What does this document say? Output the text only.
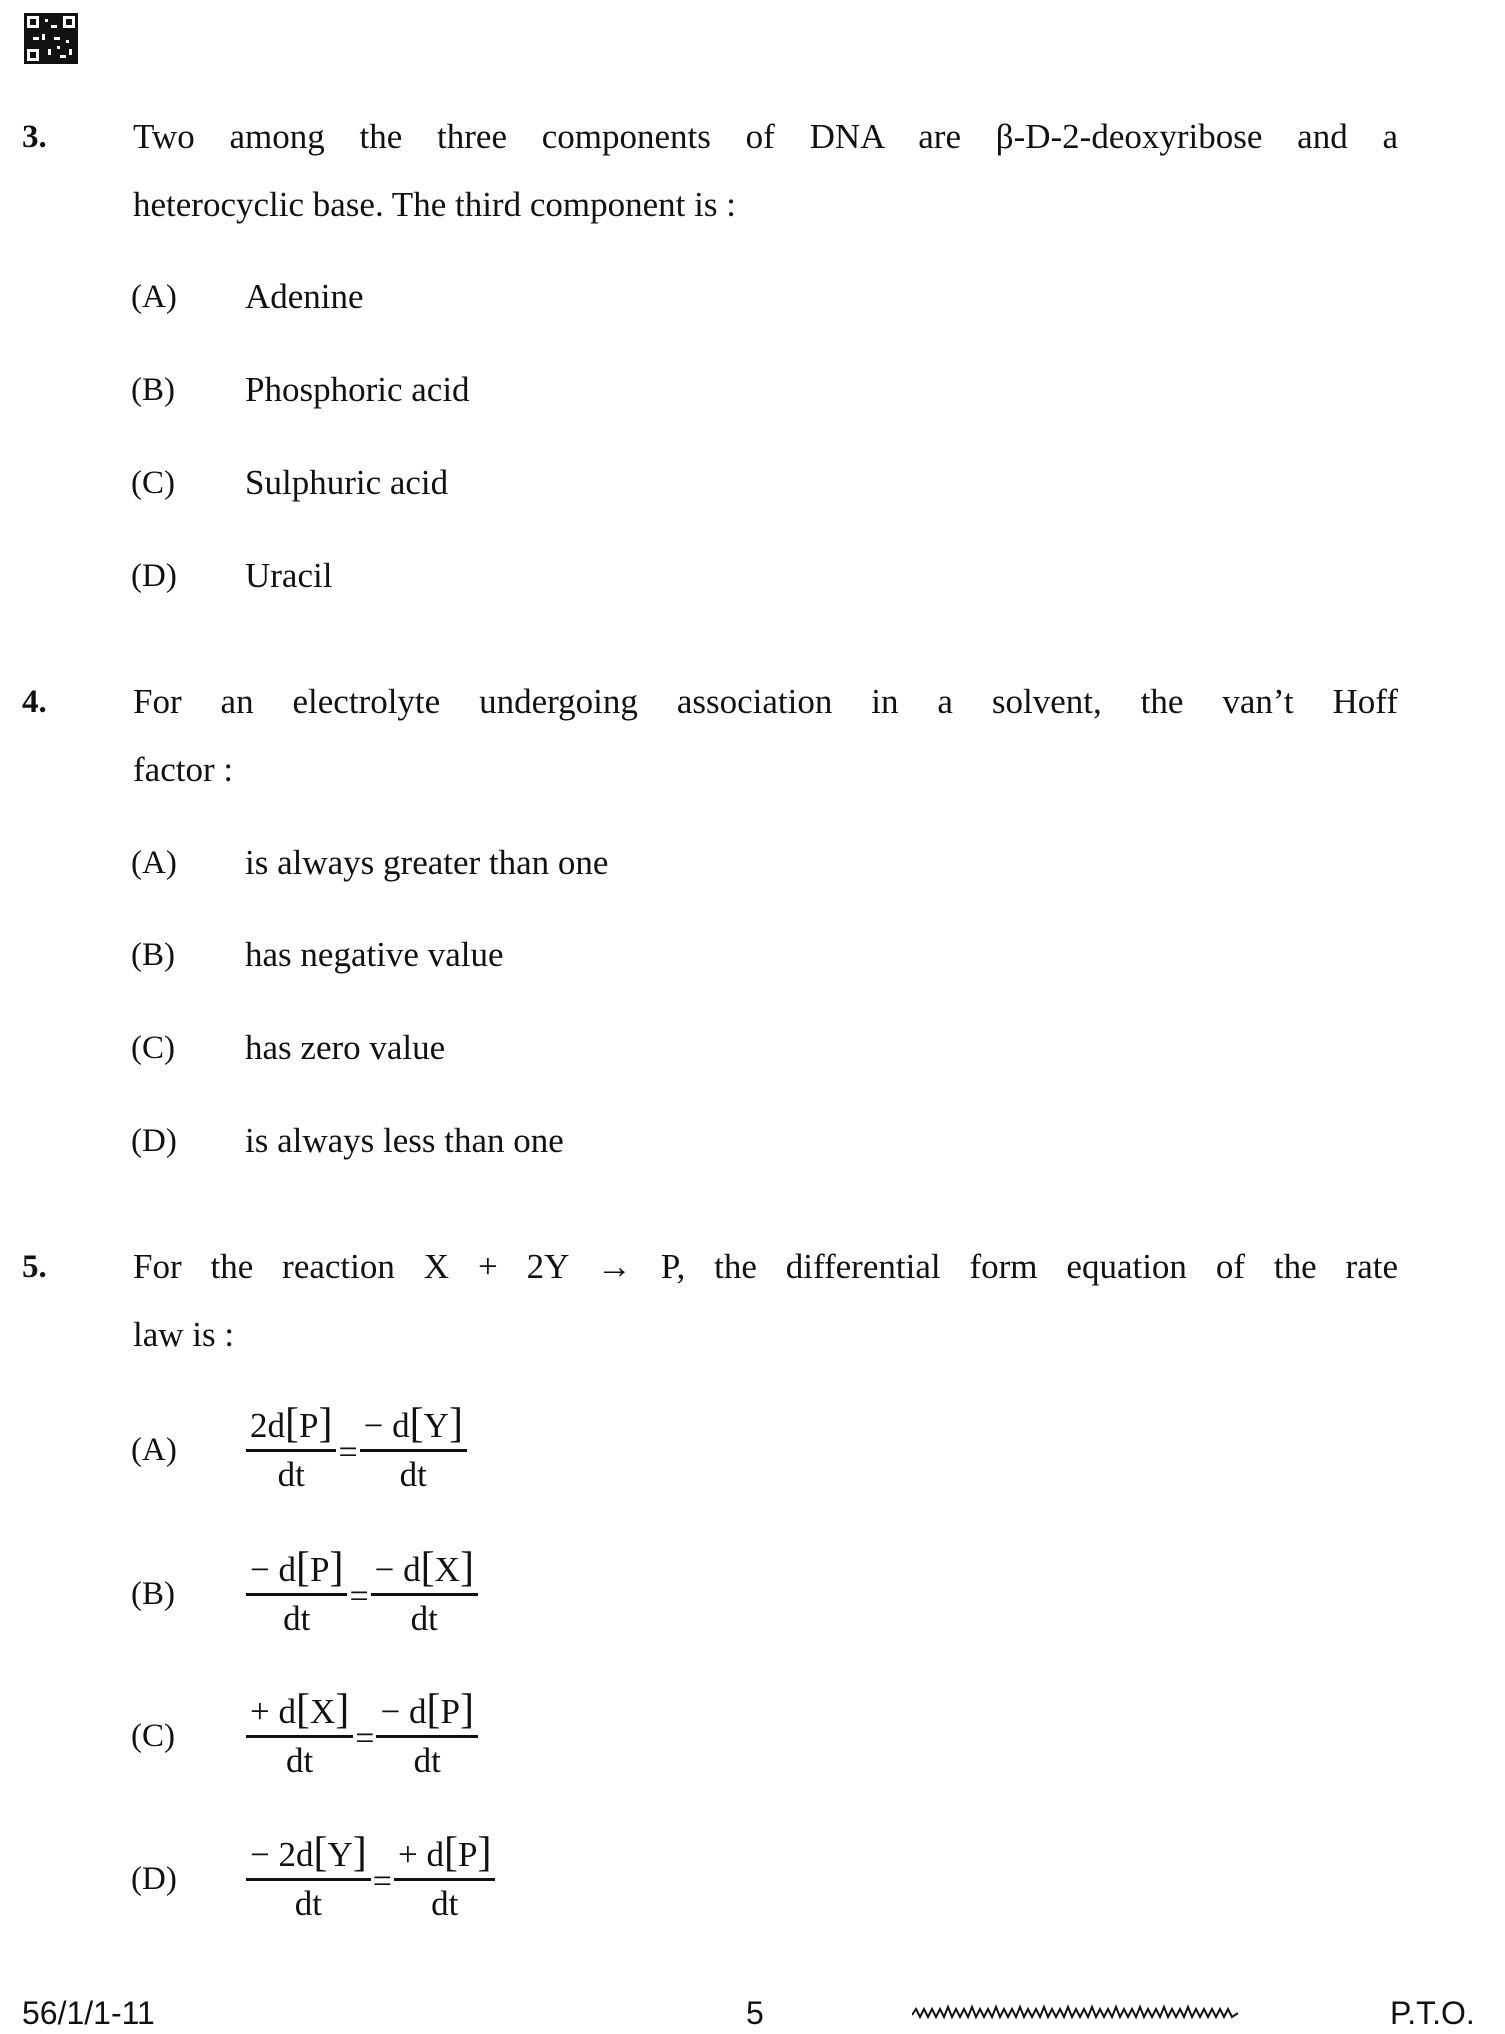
3. Two among the three components of DNA are β-D-2-deoxyribose and a
heterocyclic base. The third component is :
(A) Adenine
(B) Phosphoric acid
(C) Sulphuric acid
(D) Uracil
4. For an electrolyte undergoing association in a solvent, the van’t Hoff
factor :
(A) is always greater than one
(B) has negative value
(C) has zero value
(D) is always less than one
5. For the reaction X + 2Y → P, the differential form equation of the rate
law is :
$(A) \frac{2d[P]}{dt} = \frac{- d[Y]}{dt}$
$(B) \frac{- d[P]}{dt} = \frac{- d[X]}{dt}$
$(C) \frac{+ d[X]}{dt} = \frac{- d[P]}{dt}$
$(D) \frac{- 2d[Y]}{dt} = \frac{+ d[P]}{dt}$
56/1/1-11	5	P.T.O.
